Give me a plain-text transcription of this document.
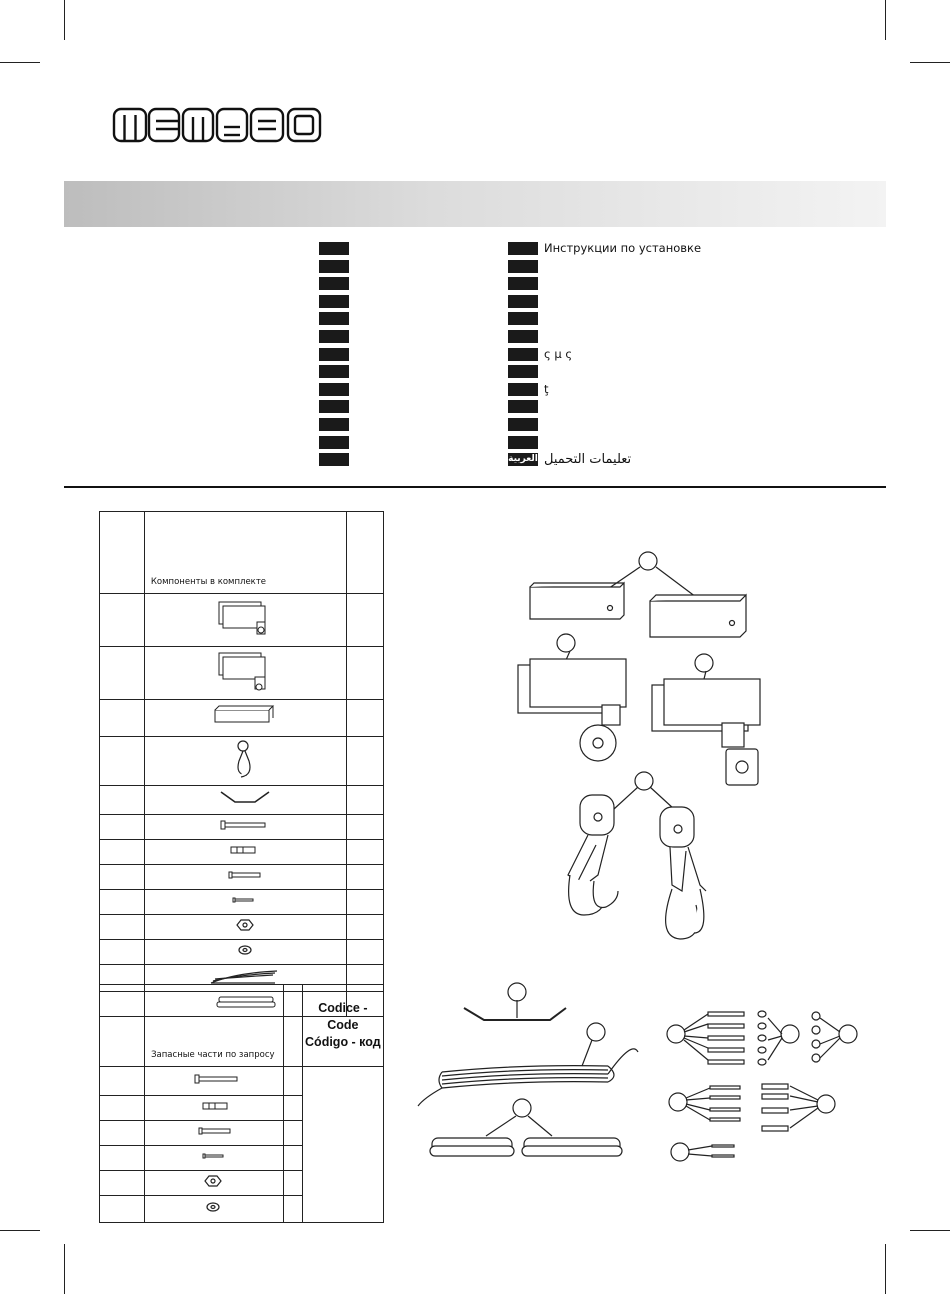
Инструкции по установке
ς μ ς
ţ
العربية تعليمات التحميل

	Компоненты в комплекте	

	Запасные части по запросу		Codice - Code
Código - код
